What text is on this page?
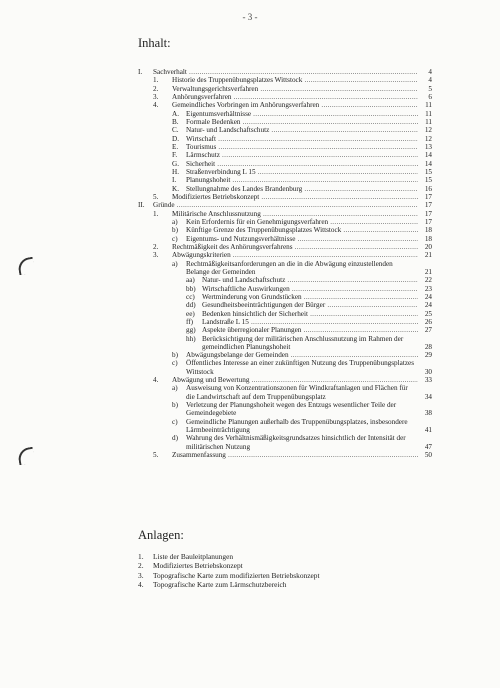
- 3 -
Inhalt:
I. Sachverhalt .....	4
1. Historie des Truppenübungsplatzes Wittstock .....	4
2. Verwaltungsgerichtsverfahren .....	5
3. Anhörungsverfahren .....	6
4. Gemeindliches Vorbringen im Anhörungsverfahren .....	11
A. Eigentumsverhältnisse .....	11
B. Formale Bedenken .....	11
C. Natur- und Landschaftschutz .....	12
D. Wirtschaft .....	12
E. Tourismus .....	13
F. Lärmschutz .....	14
G. Sicherheit .....	14
H. Straßenverbindung L 15 .....	15
I. Planungshoheit .....	15
K. Stellungnahme des Landes Brandenburg .....	16
5. Modifiziertes Betriebskonzept .....	17
II. Gründe .....	17
1. Militärische Anschlussnutzung .....	17
a) Kein Erfordernis für ein Genehmigungsverfahren .....	17
b) Künftige Grenze des Truppenübungsplatzes Wittstock .....	18
c) Eigentums- und Nutzungsverhältnisse .....	18
2. Rechtmäßigkeit des Anhörungsverfahrens .....	20
3. Abwägungskriterien .....	21
a) Rechtmäßigkeitsanforderungen an die in die Abwägung einzustellenden Belange der Gemeinden .....	21
aa) Natur- und Landschaftschutz .....	22
bb) Wirtschaftliche Auswirkungen .....	23
cc) Wertminderung von Grundstücken .....	24
dd) Gesundheitsbeeinträchtigungen der Bürger .....	24
ee) Bedenken hinsichtlich der Sicherheit .....	25
ff) Landstraße L 15 .....	26
gg) Aspekte überregionaler Planungen .....	27
hh) Berücksichtigung der militärischen Anschlussnutzung im Rahmen der gemeindlichen Planungshoheit .....	28
b) Abwägungsbelange der Gemeinden .....	29
c) Öffentliches Interesse an einer zukünftigen Nutzung des Truppenübungsplatzes Wittstock .....	30
4. Abwägung und Bewertung .....	33
a) Ausweisung von Konzentrationszonen für Windkraftanlagen und Flächen für die Landwirtschaft auf dem Truppenübungsplatz .....	34
b) Verletzung der Planungshoheit wegen des Entzugs wesentlicher Teile der Gemeindegebiete .....	38
c) Gemeindliche Planungen außerhalb des Truppenübungsplatzes, insbesondere Lärmbeeinträchtigung .....	41
d) Wahrung des Verhältnismäßigkeitsgrundsatzes hinsichtlich der Intensität der militärischen Nutzung .....	47
5. Zusammenfassung .....	50
Anlagen:
1. Liste der Bauleitplanungen
2. Modifiziertes Betriebskonzept
3. Topografische Karte zum modifizierten Betriebskonzept
4. Topografische Karte zum Lärmschutzbereich
